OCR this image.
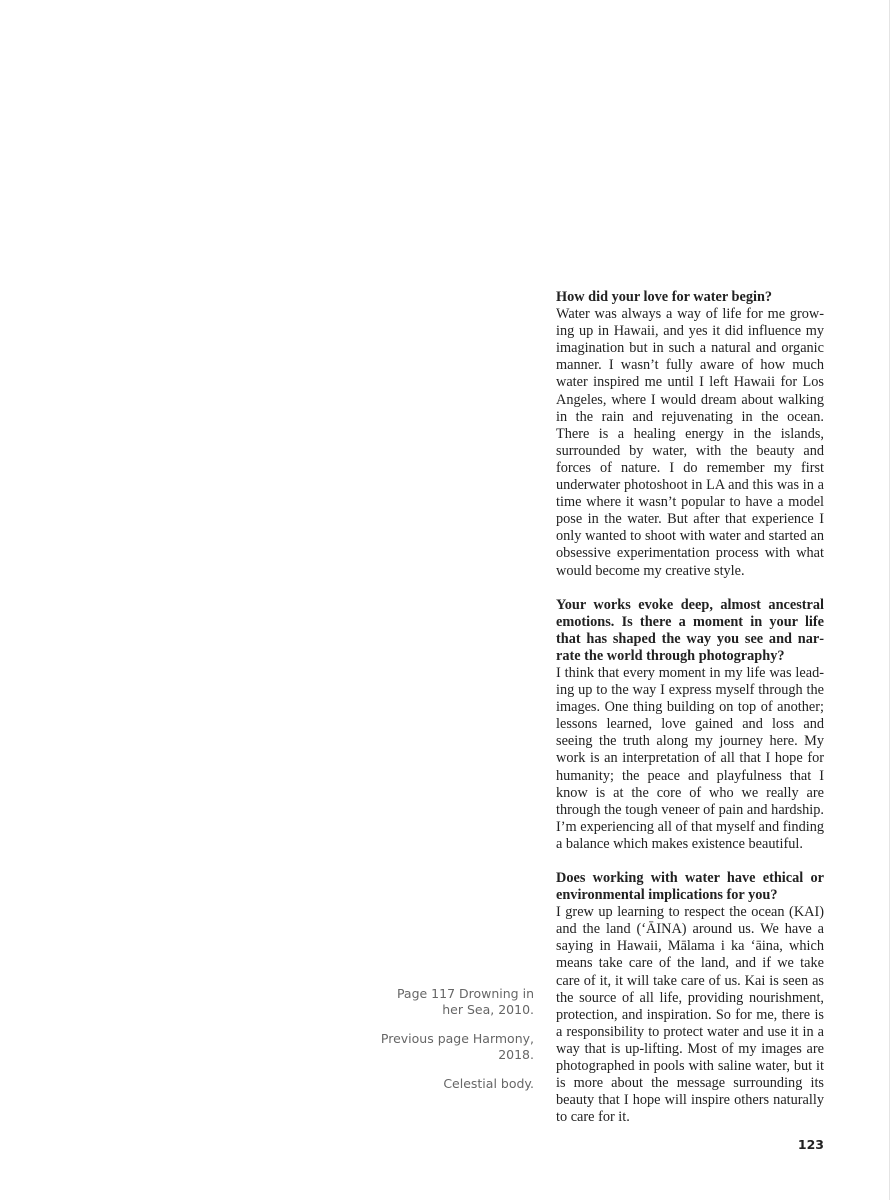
How did your love for water begin?

Water was always a way of life for me growing up in Hawaii, and yes it did influence my imagination but in such a natural and organic manner. I wasn’t fully aware of how much water inspired me until I left Hawaii for Los Angeles, where I would dream about walking in the rain and rejuvenating in the ocean. There is a healing energy in the islands, surrounded by water, with the beauty and forces of nature. I do remember my first underwater photoshoot in LA and this was in a time where it wasn’t popular to have a model pose in the water. But after that experience I only wanted to shoot with water and started an obsessive experimentation process with what would become my creative style.

Your works evoke deep, almost ancestral emotions. Is there a moment in your life that has shaped the way you see and narrate the world through photography?

I think that every moment in my life was leading up to the way I express myself through the images. One thing building on top of another; lessons learned, love gained and loss and seeing the truth along my journey here. My work is an interpretation of all that I hope for humanity; the peace and playfulness that I know is at the core of who we really are through the tough veneer of pain and hardship. I’m experiencing all of that myself and finding a balance which makes existence beautiful.

Does working with water have ethical or environmental implications for you?

I grew up learning to respect the ocean (KAI) and the land (ʻĀINA) around us. We have a saying in Hawaii, Mālama i ka ʻāina, which means take care of the land, and if we take care of it, it will take care of us. Kai is seen as the source of all life, providing nourishment, protection, and inspiration. So for me, there is a responsibility to protect water and use it in a way that is up-lifting. Most of my images are photographed in pools with saline water, but it is more about the message surrounding its beauty that I hope will inspire others naturally to care for it.

Page 117 Drowning in her Sea, 2010.

Previous page Harmony, 2018.

Celestial body.

123
